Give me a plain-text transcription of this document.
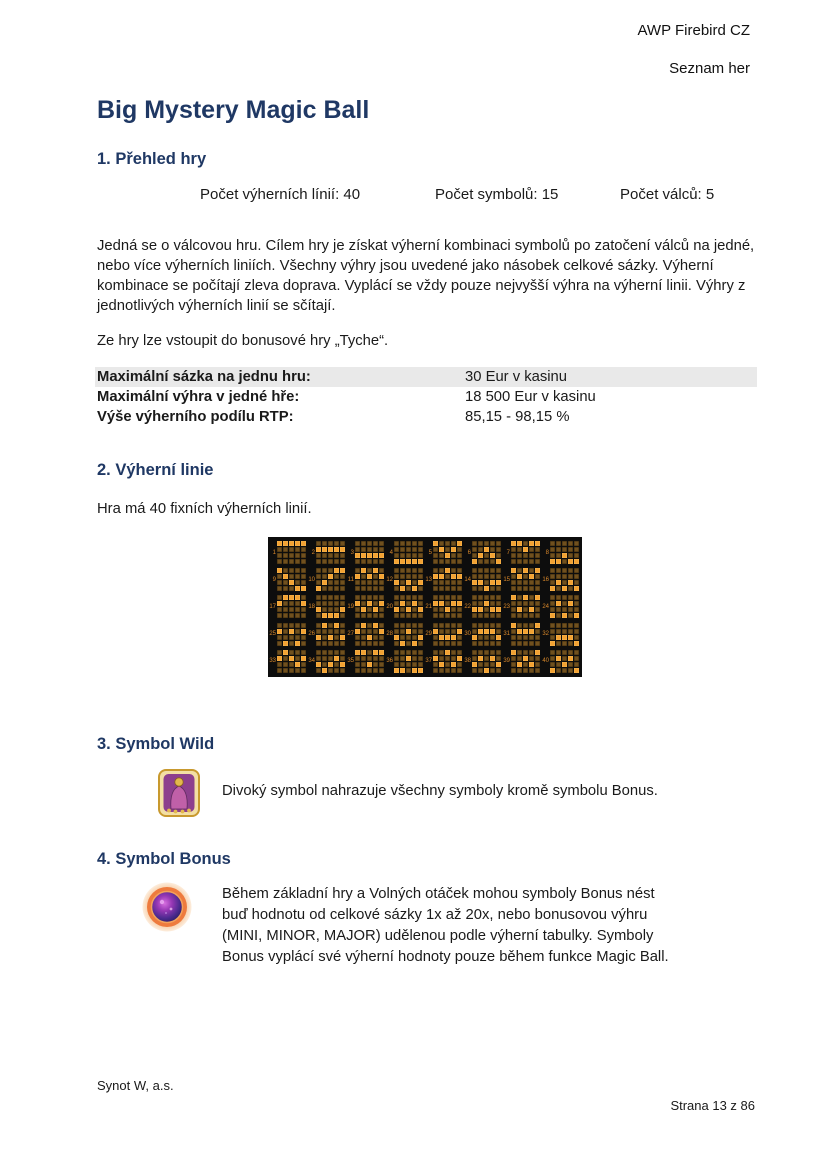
AWP Firebird CZ
Seznam her
Big Mystery Magic Ball
1. Přehled hry
Počet výherních línií: 40	Počet symbolů: 15	Počet válců: 5

Jedná se o válcovou hru. Cílem hry je získat výherní kombinaci symbolů po zatočení válců na jedné, nebo více výherních liniích. Všechny výhry jsou uvedené jako násobek celkové sázky. Výherní kombinace se počítají zleva doprava. Vyplácí se vždy pouze nejvyšší výhra na výherní linii. Výhry z jednotlivých výherních linií se sčítají.

Ze hry lze vstoupit do bonusové hry „Tyche“.

Maximální sázka na jednu hru:	30 Eur v kasinu
Maximální výhra v jedné hře:	18 500 Eur v kasinu
Výše výherního podílu RTP:	85,15 - 98,15 %
2. Výherní linie

Hra má 40 fixních výherních linií.

1	2	3	4	5	6	7	8
9	10	11	12	13	14	15	16
17	18	19	20	21	22	23	24
25	26	27	28	29	30	31	32
33	34	35	36	37	38	39	40
3. Symbol Wild

Divoký symbol nahrazuje všechny symboly kromě symbolu Bonus.

4. Symbol Bonus

Během základní hry a Volných otáček mohou symboly Bonus nést buď hodnotu od celkové sázky 1x až 20x, nebo bonusovou výhru (MINI, MINOR, MAJOR) udělenou podle výherní tabulky. Symboly Bonus vyplácí své výherní hodnoty pouze během funkce Magic Ball.

Synot W, a.s.
Strana 13 z 86
